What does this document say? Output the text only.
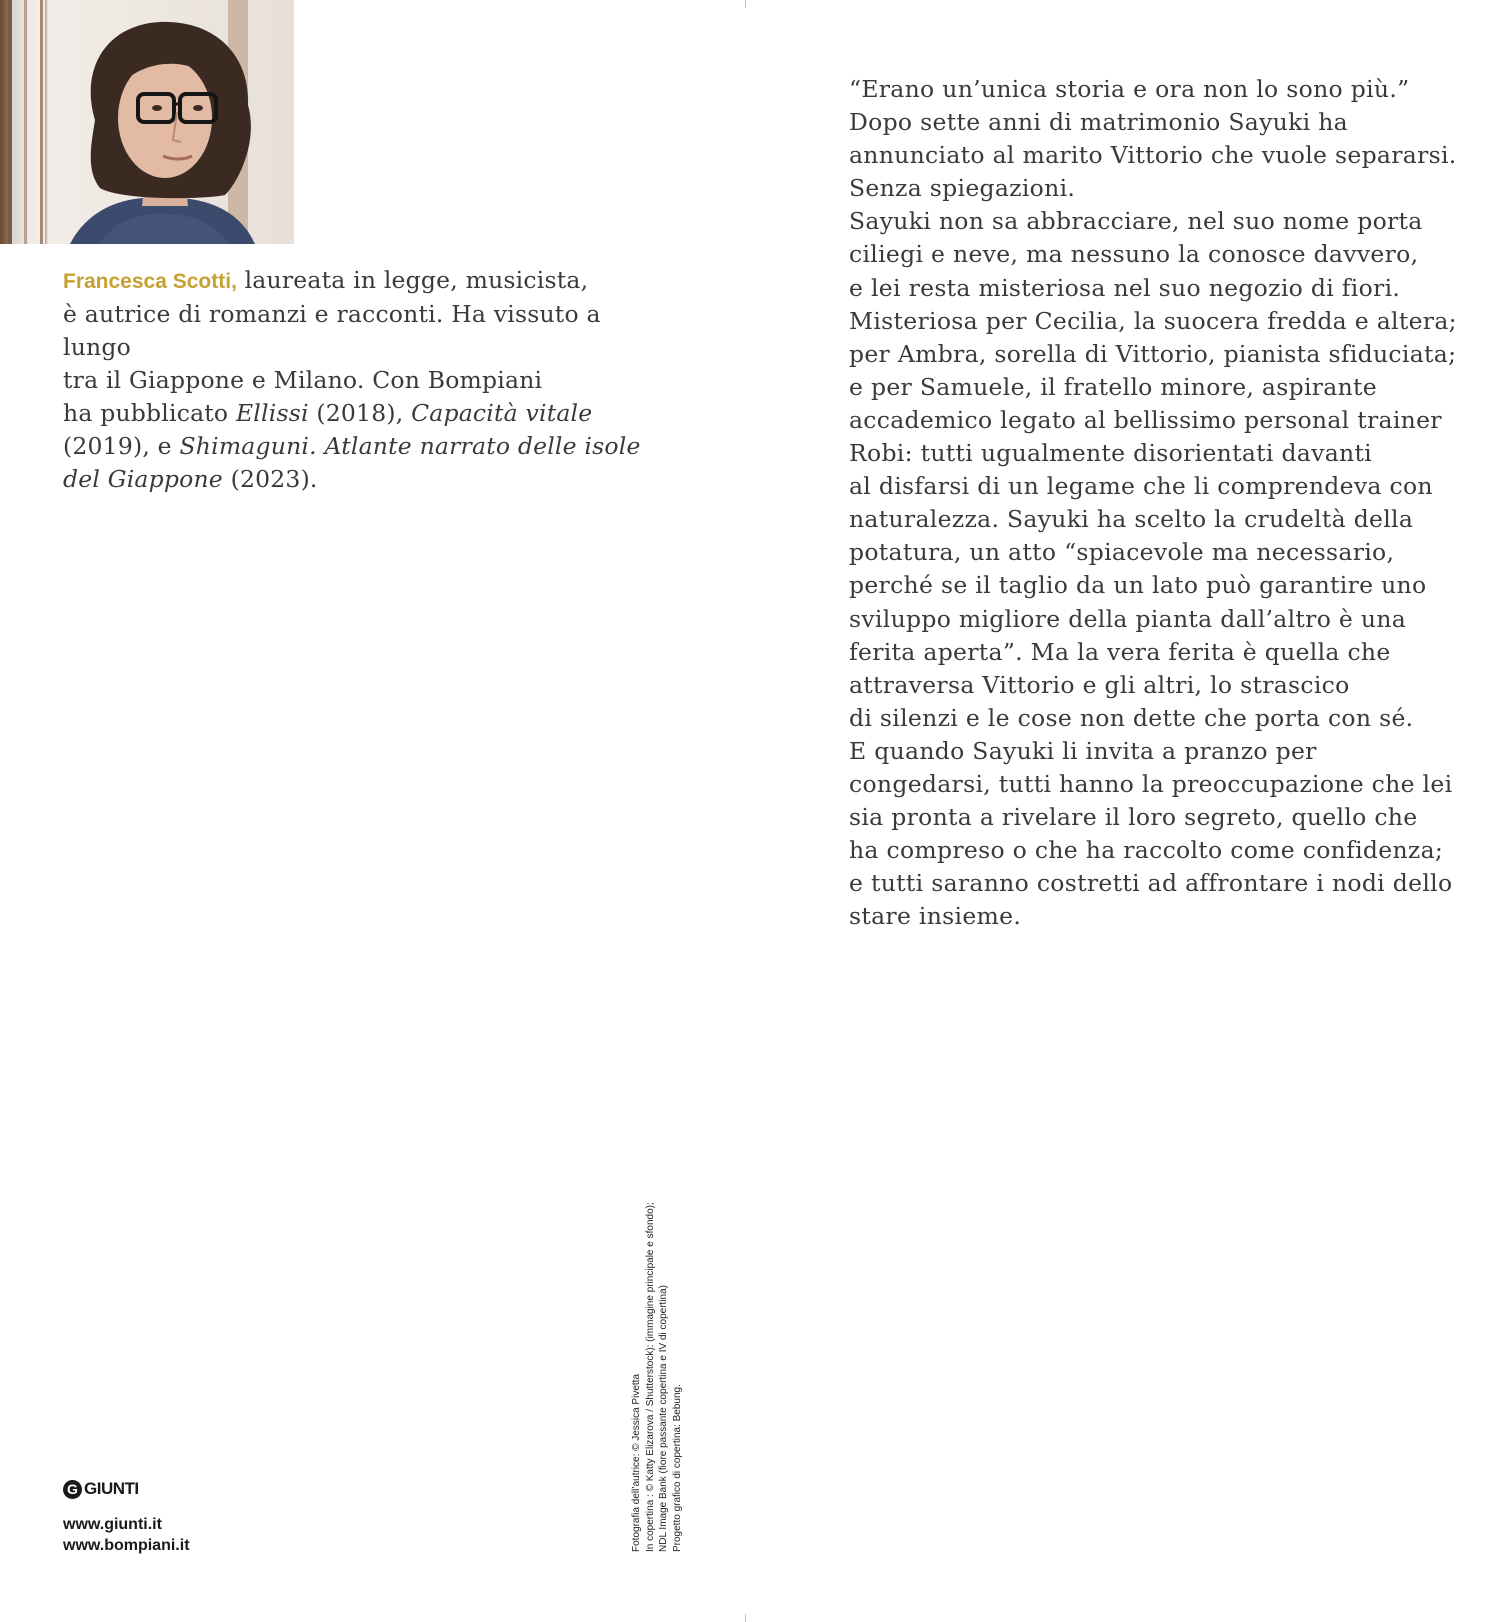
Francesca Scotti, laureata in legge, musicista,

è autrice di romanzi e racconti. Ha vissuto a lungo

tra il Giappone e Milano. Con Bompiani

ha pubblicato Ellissi (2018), Capacità vitale

(2019), e Shimaguni. Atlante narrato delle isole

del Giappone (2023).

“Erano un’unica storia e ora non lo sono più.”
Dopo sette anni di matrimonio Sayuki ha
annunciato al marito Vittorio che vuole separarsi.
Senza spiegazioni.
Sayuki non sa abbracciare, nel suo nome porta
ciliegi e neve, ma nessuno la conosce davvero,
e lei resta misteriosa nel suo negozio di fiori.
Misteriosa per Cecilia, la suocera fredda e altera;
per Ambra, sorella di Vittorio, pianista sfiduciata;
e per Samuele, il fratello minore, aspirante
accademico legato al bellissimo personal trainer
Robi: tutti ugualmente disorientati davanti
al disfarsi di un legame che li comprendeva con
naturalezza. Sayuki ha scelto la crudeltà della
potatura, un atto “spiacevole ma necessario,
perché se il taglio da un lato può garantire uno
sviluppo migliore della pianta dall’altro è una
ferita aperta”. Ma la vera ferita è quella che
attraversa Vittorio e gli altri, lo strascico
di silenzi e le cose non dette che porta con sé.
E quando Sayuki li invita a pranzo per
congedarsi, tutti hanno la preoccupazione che lei
sia pronta a rivelare il loro segreto, quello che
ha compreso o che ha raccolto come confidenza;
e tutti saranno costretti ad affrontare i nodi dello
stare insieme.
G GIUNTI
www.giunti.it
www.bompiani.it	Fotografia dell’autrice: © Jessica Pivetta In copertina : © Katty Elizarova / Shutterstock): (immagine principale e sfondo); NDL Image Bank (fiore passante copertina e IV di copertina) Progetto grafico di copertina: Bebung.
